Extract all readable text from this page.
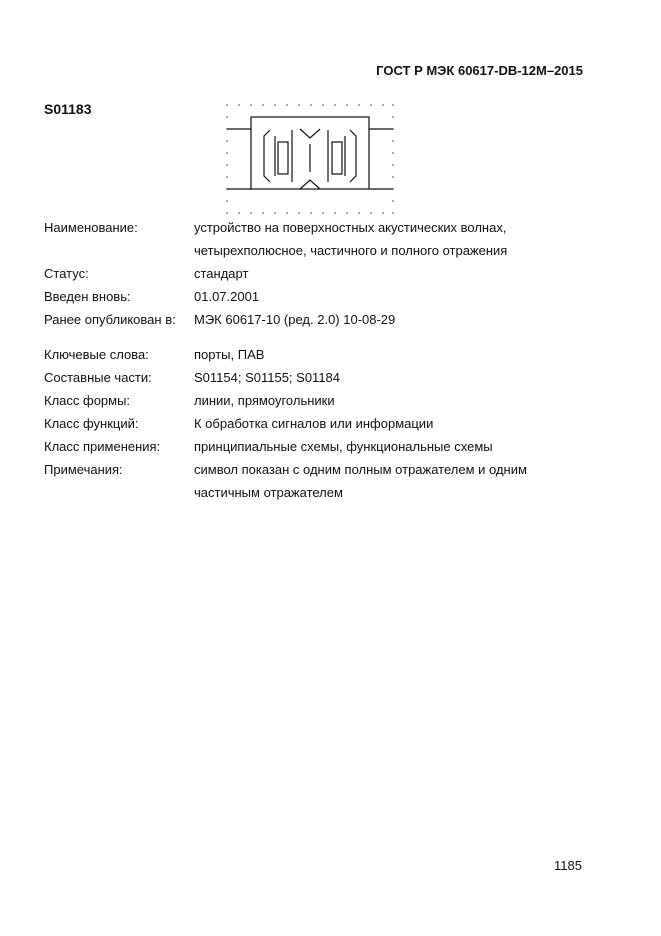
ГОСТ Р МЭК 60617-DB-12M–2015
S01183
Наименование:	устройство на поверхностных акустических волнах,
четырехполюсное, частичного и полного отражения
Статус:	стандарт
Введен вновь:	01.07.2001
Ранее опубликован в:	МЭК 60617-10 (ред. 2.0) 10-08-29
Ключевые слова:	порты, ПАВ
Составные части:	S01154; S01155; S01184
Класс формы:	линии, прямоугольники
Класс функций:	К обработка сигналов или информации
Класс применения:	принципиальные схемы, функциональные схемы
Примечания:	символ показан с одним полным отражателем и одним
частичным отражателем
1185
